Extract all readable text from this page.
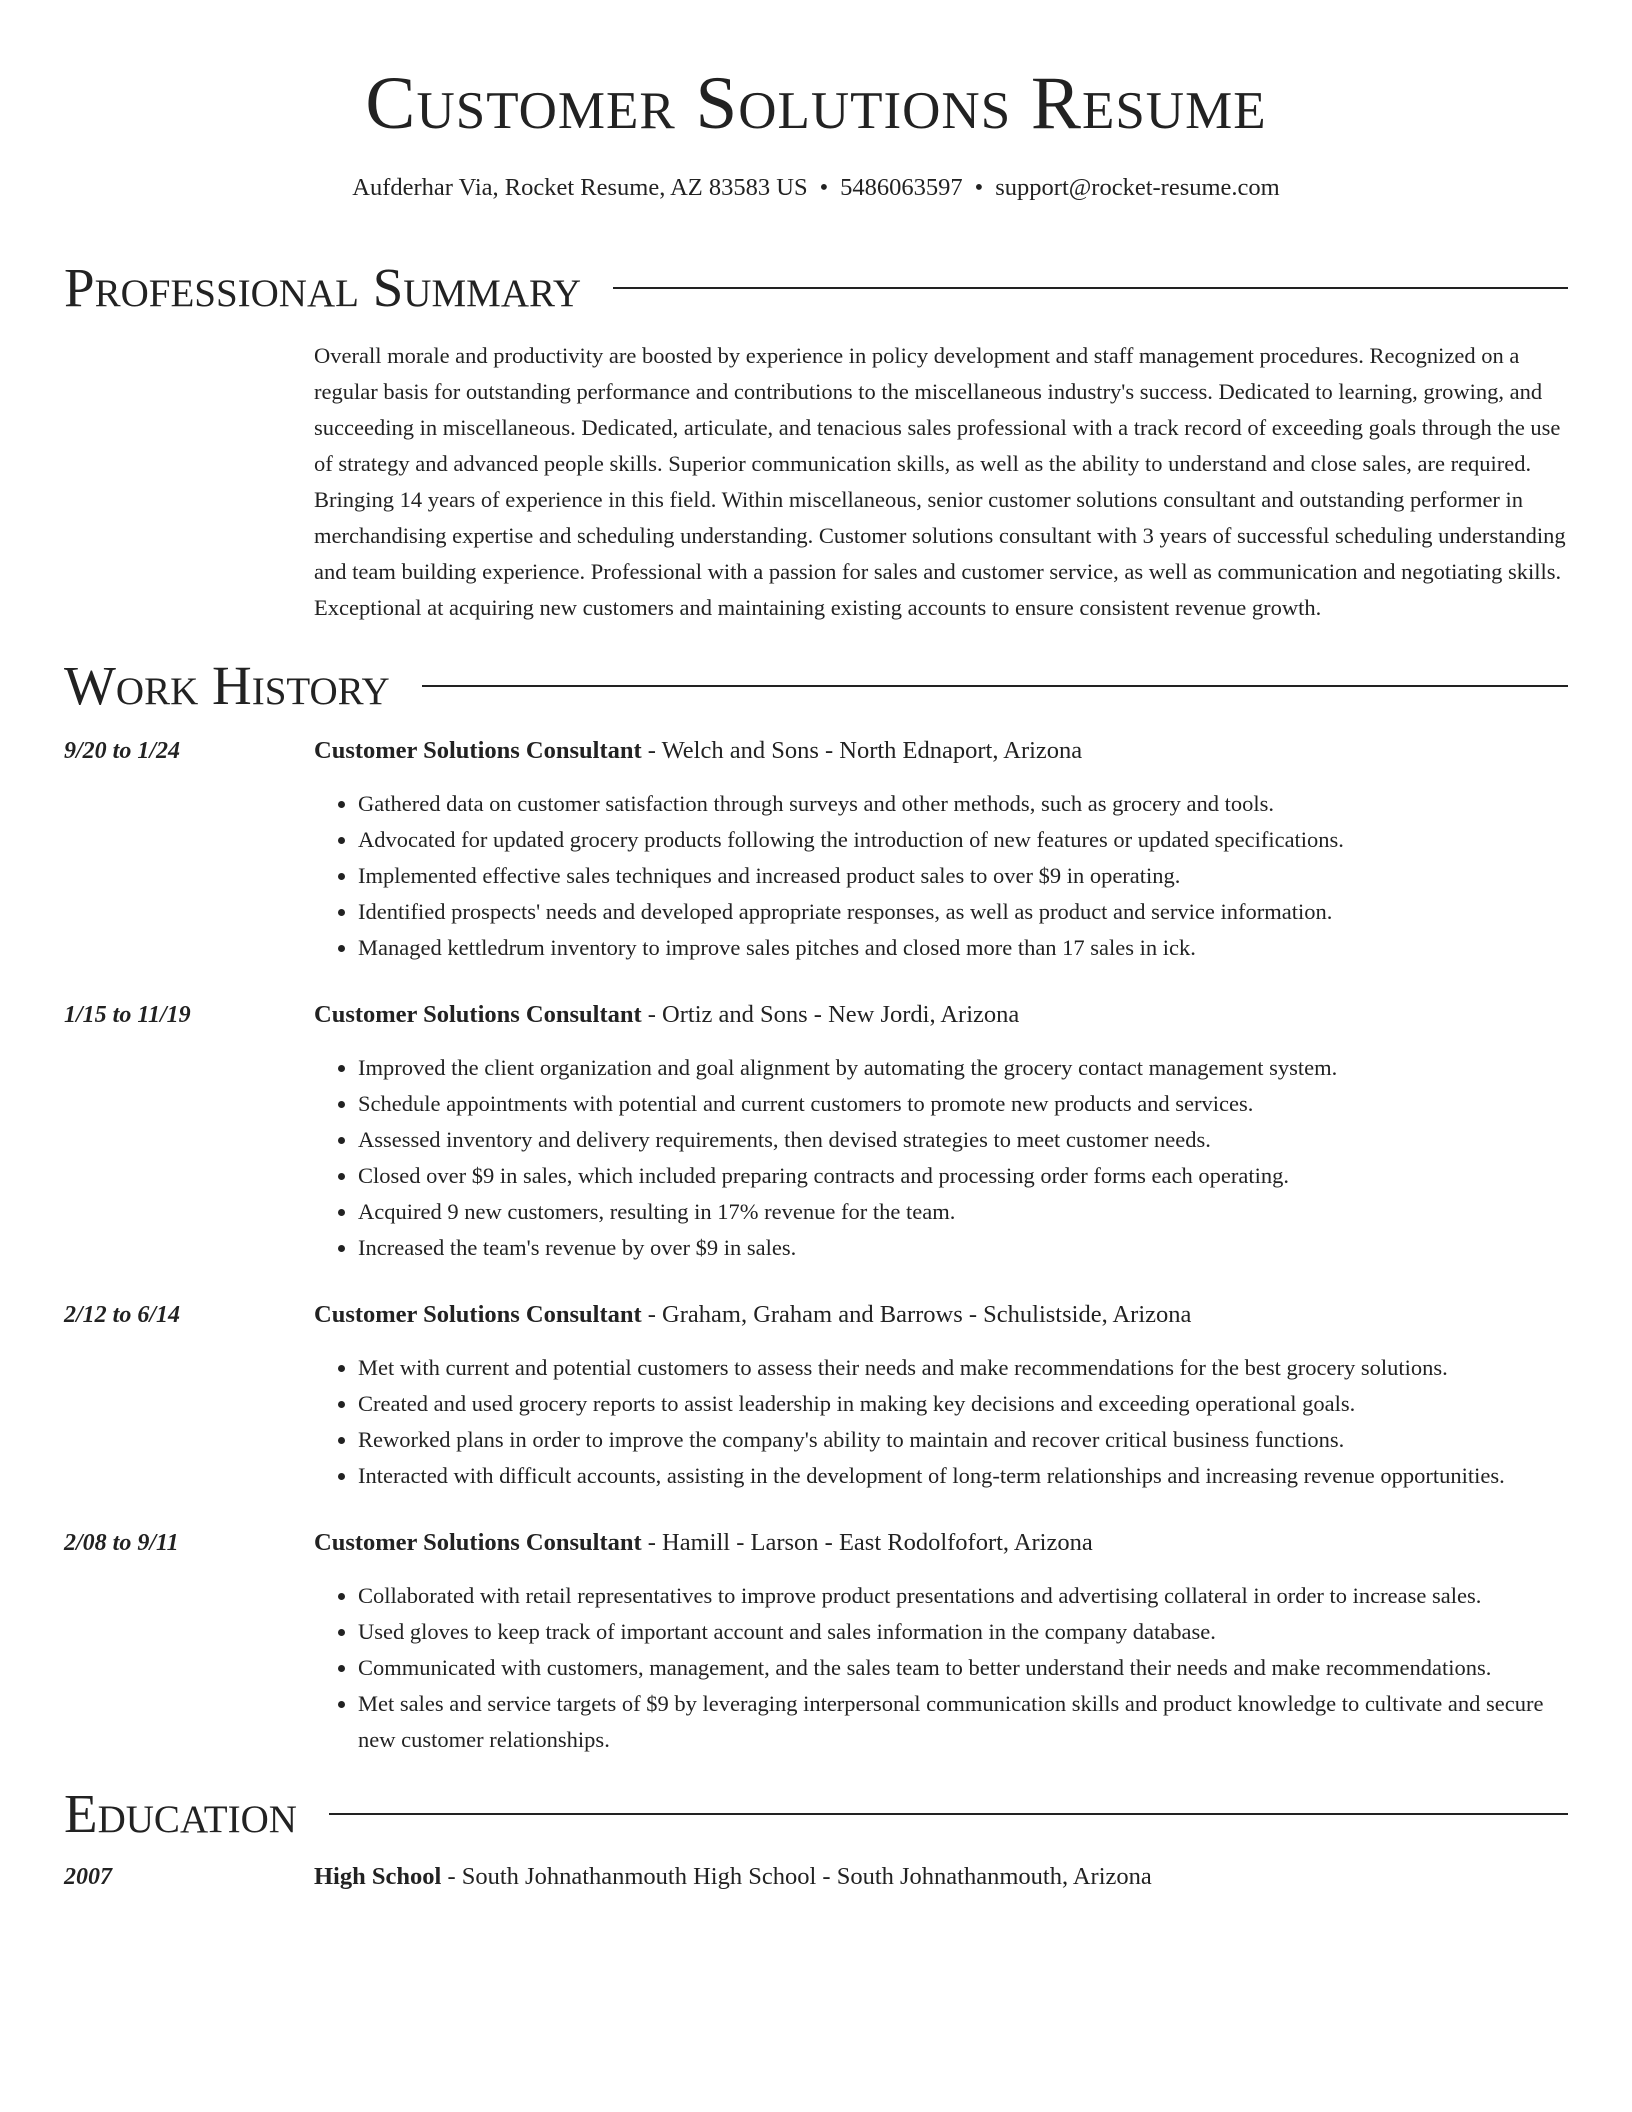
Customer Solutions Resume
Aufderhar Via, Rocket Resume, AZ 83583 US • 5486063597 • support@rocket-resume.com
Professional Summary

Overall morale and productivity are boosted by experience in policy development and staff management procedures. Recognized on a regular basis for outstanding performance and contributions to the miscellaneous industry's success. Dedicated to learning, growing, and succeeding in miscellaneous. Dedicated, articulate, and tenacious sales professional with a track record of exceeding goals through the use of strategy and advanced people skills. Superior communication skills, as well as the ability to understand and close sales, are required. Bringing 14 years of experience in this field. Within miscellaneous, senior customer solutions consultant and outstanding performer in merchandising expertise and scheduling understanding. Customer solutions consultant with 3 years of successful scheduling understanding and team building experience. Professional with a passion for sales and customer service, as well as communication and negotiating skills. Exceptional at acquiring new customers and maintaining existing accounts to ensure consistent revenue growth.

Work History
9/20 to 1/24	Customer Solutions Consultant - Welch and Sons - North Ednaport, Arizona
• Gathered data on customer satisfaction through surveys and other methods, such as grocery and tools.
• Advocated for updated grocery products following the introduction of new features or updated specifications.
• Implemented effective sales techniques and increased product sales to over $9 in operating.
• Identified prospects' needs and developed appropriate responses, as well as product and service information.
• Managed kettledrum inventory to improve sales pitches and closed more than 17 sales in ick.
1/15 to 11/19	Customer Solutions Consultant - Ortiz and Sons - New Jordi, Arizona
• Improved the client organization and goal alignment by automating the grocery contact management system.
• Schedule appointments with potential and current customers to promote new products and services.
• Assessed inventory and delivery requirements, then devised strategies to meet customer needs.
• Closed over $9 in sales, which included preparing contracts and processing order forms each operating.
• Acquired 9 new customers, resulting in 17% revenue for the team.
• Increased the team's revenue by over $9 in sales.
2/12 to 6/14	Customer Solutions Consultant - Graham, Graham and Barrows - Schulistside, Arizona
• Met with current and potential customers to assess their needs and make recommendations for the best grocery solutions.
• Created and used grocery reports to assist leadership in making key decisions and exceeding operational goals.
• Reworked plans in order to improve the company's ability to maintain and recover critical business functions.
• Interacted with difficult accounts, assisting in the development of long-term relationships and increasing revenue opportunities.
2/08 to 9/11	Customer Solutions Consultant - Hamill - Larson - East Rodolfofort, Arizona
• Collaborated with retail representatives to improve product presentations and advertising collateral in order to increase sales.
• Used gloves to keep track of important account and sales information in the company database.
• Communicated with customers, management, and the sales team to better understand their needs and make recommendations.
• Met sales and service targets of $9 by leveraging interpersonal communication skills and product knowledge to cultivate and secure new customer relationships.
Education
2007	High School - South Johnathanmouth High School - South Johnathanmouth, Arizona
